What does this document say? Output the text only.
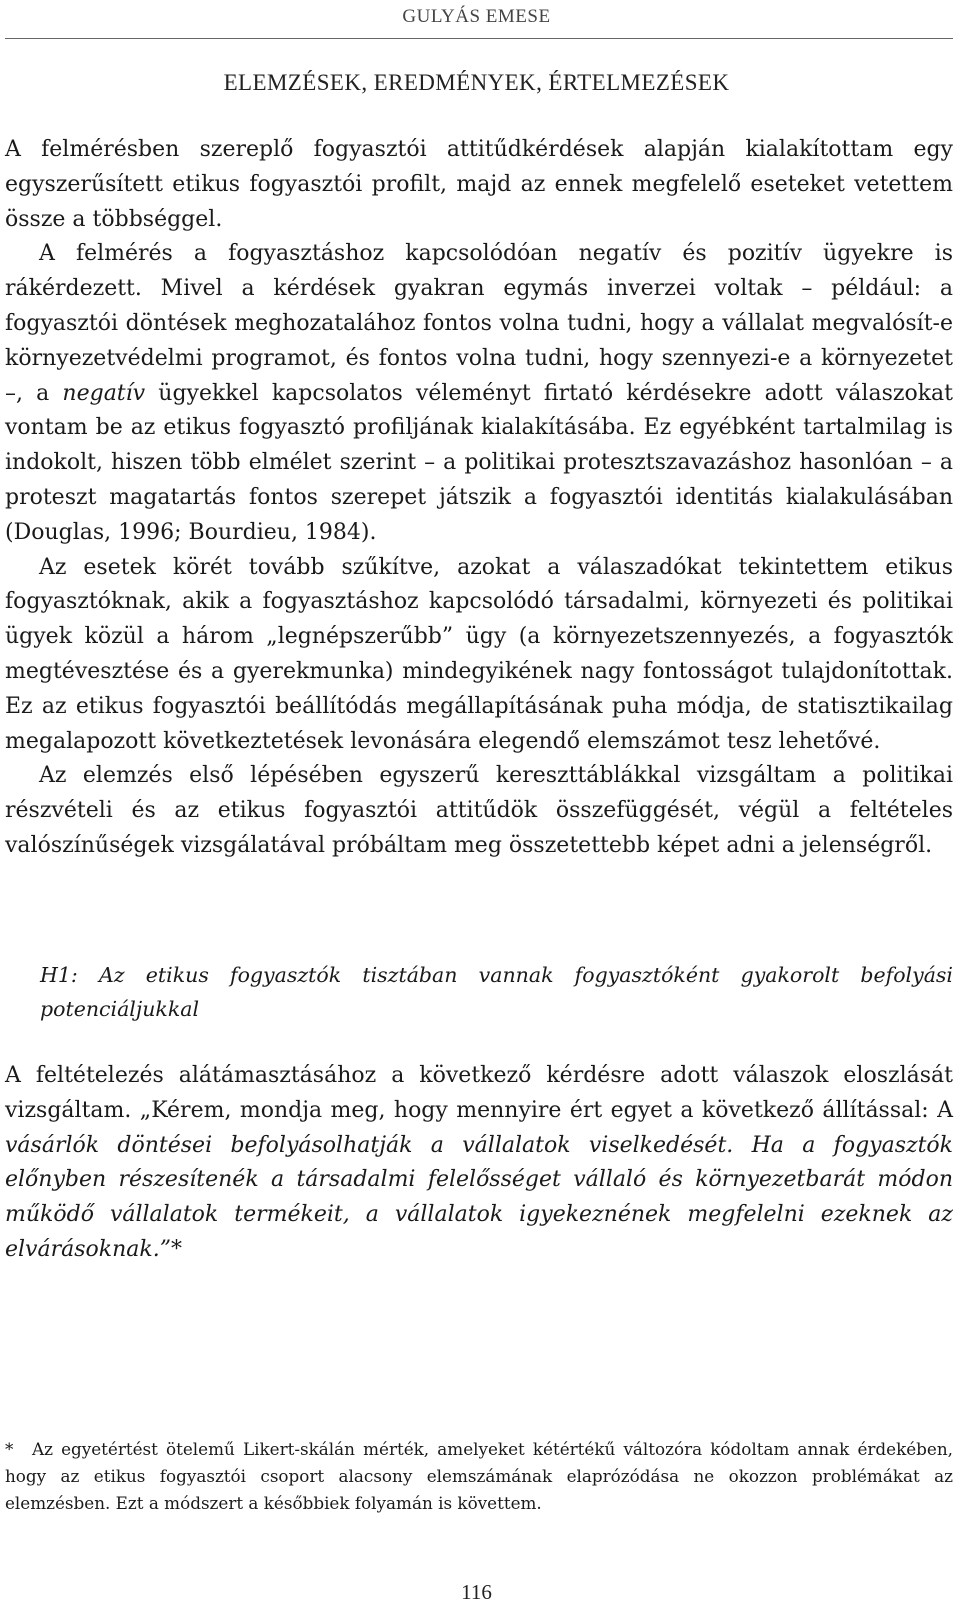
GULYÁS EMESE
ELEMZÉSEK, EREDMÉNYEK, ÉRTELMEZÉSEK

A felmérésben szereplő fogyasztói attitűdkérdések alapján kialakítottam egy egyszerűsített etikus fogyasztói profilt, majd az ennek megfelelő eseteket vetettem össze a többséggel.

A felmérés a fogyasztáshoz kapcsolódóan negatív és pozitív ügyekre is rákérdezett. Mivel a kérdések gyakran egymás inverzei voltak – például: a fogyasztói döntések meghozatalához fontos volna tudni, hogy a vállalat megvalósít-e környezetvédelmi programot, és fontos volna tudni, hogy szennyezi-e a környezetet –, a negatív ügyekkel kapcsolatos véleményt firtató kérdésekre adott válaszokat vontam be az etikus fogyasztó profiljának kialakításába. Ez egyébként tartalmilag is indokolt, hiszen több elmélet szerint – a politikai protesztszavazáshoz hasonlóan – a proteszt magatartás fontos szerepet játszik a fogyasztói identitás kialakulásában (Douglas, 1996; Bourdieu, 1984).

Az esetek körét tovább szűkítve, azokat a válaszadókat tekintettem etikus fogyasztóknak, akik a fogyasztáshoz kapcsolódó társadalmi, környezeti és politikai ügyek közül a három „legnépszerűbb” ügy (a környezetszennyezés, a fogyasztók megtévesztése és a gyerekmunka) mindegyikének nagy fontosságot tulajdonítottak. Ez az etikus fogyasztói beállítódás megállapításának puha módja, de statisztikailag megalapozott következtetések levonására elegendő elemszámot tesz lehetővé.

Az elemzés első lépésében egyszerű kereszttáblákkal vizsgáltam a politikai részvételi és az etikus fogyasztói attitűdök összefüggését, végül a feltételes valószínűségek vizsgálatával próbáltam meg összetettebb képet adni a jelenségről.

H1: Az etikus fogyasztók tisztában vannak fogyasztóként gyakorolt befolyási potenciáljukkal

A feltételezés alátámasztásához a következő kérdésre adott válaszok eloszlását vizsgáltam. „Kérem, mondja meg, hogy mennyire ért egyet a következő állítással: A vásárlók döntései befolyásolhatják a vállalatok viselkedését. Ha a fogyasztók előnyben részesítenék a társadalmi felelősséget vállaló és környezetbarát módon működő vállalatok termékeit, a vállalatok igyekeznének megfelelni ezeknek az elvárásoknak.”*

* Az egyetértést ötelemű Likert-skálán mérték, amelyeket kétértékű változóra kódoltam annak érdekében, hogy az etikus fogyasztói csoport alacsony elemszámának elaprózódása ne okozzon problémákat az elemzésben. Ezt a módszert a későbbiek folyamán is követtem.

116
